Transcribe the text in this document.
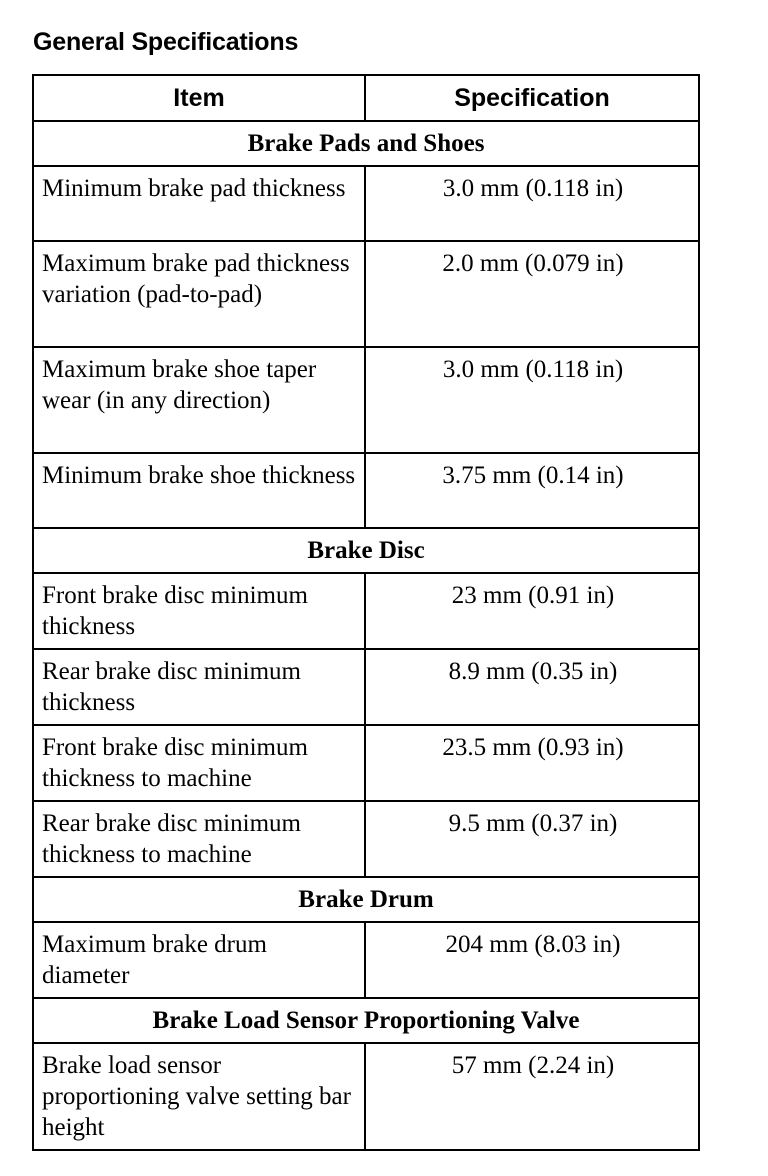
General Specifications
Item	Specification
Brake Pads and Shoes	
Minimum brake pad thickness	3.0 mm (0.118 in)
Maximum brake pad thickness variation (pad-to-pad)	2.0 mm (0.079 in)
Maximum brake shoe taper wear (in any direction)	3.0 mm (0.118 in)
Minimum brake shoe thickness	3.75 mm (0.14 in)
Brake Disc	
Front brake disc minimum thickness	23 mm (0.91 in)
Rear brake disc minimum thickness	8.9 mm (0.35 in)
Front brake disc minimum thickness to machine	23.5 mm (0.93 in)
Rear brake disc minimum thickness to machine	9.5 mm (0.37 in)
Brake Drum	
Maximum brake drum diameter	204 mm (8.03 in)
Brake Load Sensor Proportioning Valve	
Brake load sensor proportioning valve setting bar height	57 mm (2.24 in)
